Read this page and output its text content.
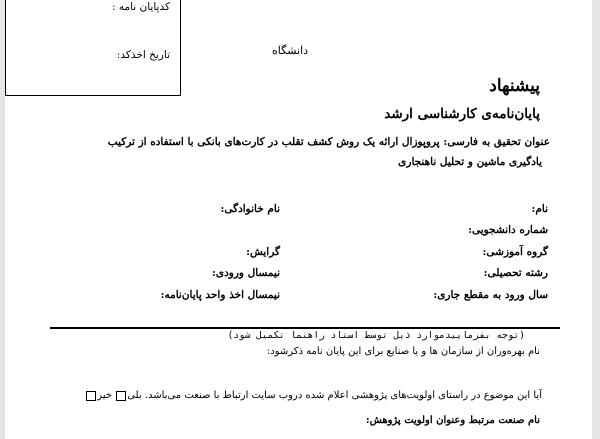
کدپایان نامه :
تاریخ اخذکد:	دانشگاه
پیشنهاد
پایان‌نامه‌ی کارشناسی ارشد
عنوان تحقیق به فارسی: پروپوزال ارائه یک روش کشف تقلب در کارت‌های بانکی با استفاده از ترکیب
یادگیری ماشین و تحلیل ناهنجاری
نام:
نام خانوادگی:
شماره دانشجویی:
گروه آموزشی:
گرایش:
رشته تحصیلی:
نیمسال ورودی:
سال ورود به مقطع جاری:
نیمسال اخذ واحد پایان‌نامه:
(توجه بفرماییدموارد ذیل توسط استاد راهنما تکمیل شود)
نام بهره‌وران از سازمان ها و یا صنایع برای این پایان نامه ذکرشود:
آیا این موضوع در راستای اولویت‌های پژوهشی اعلام شده دروب سایت ارتباط با صنعت می‌باشد. بلی خیر
نام صنعت مرتبط وعنوان اولویت پژوهش:
